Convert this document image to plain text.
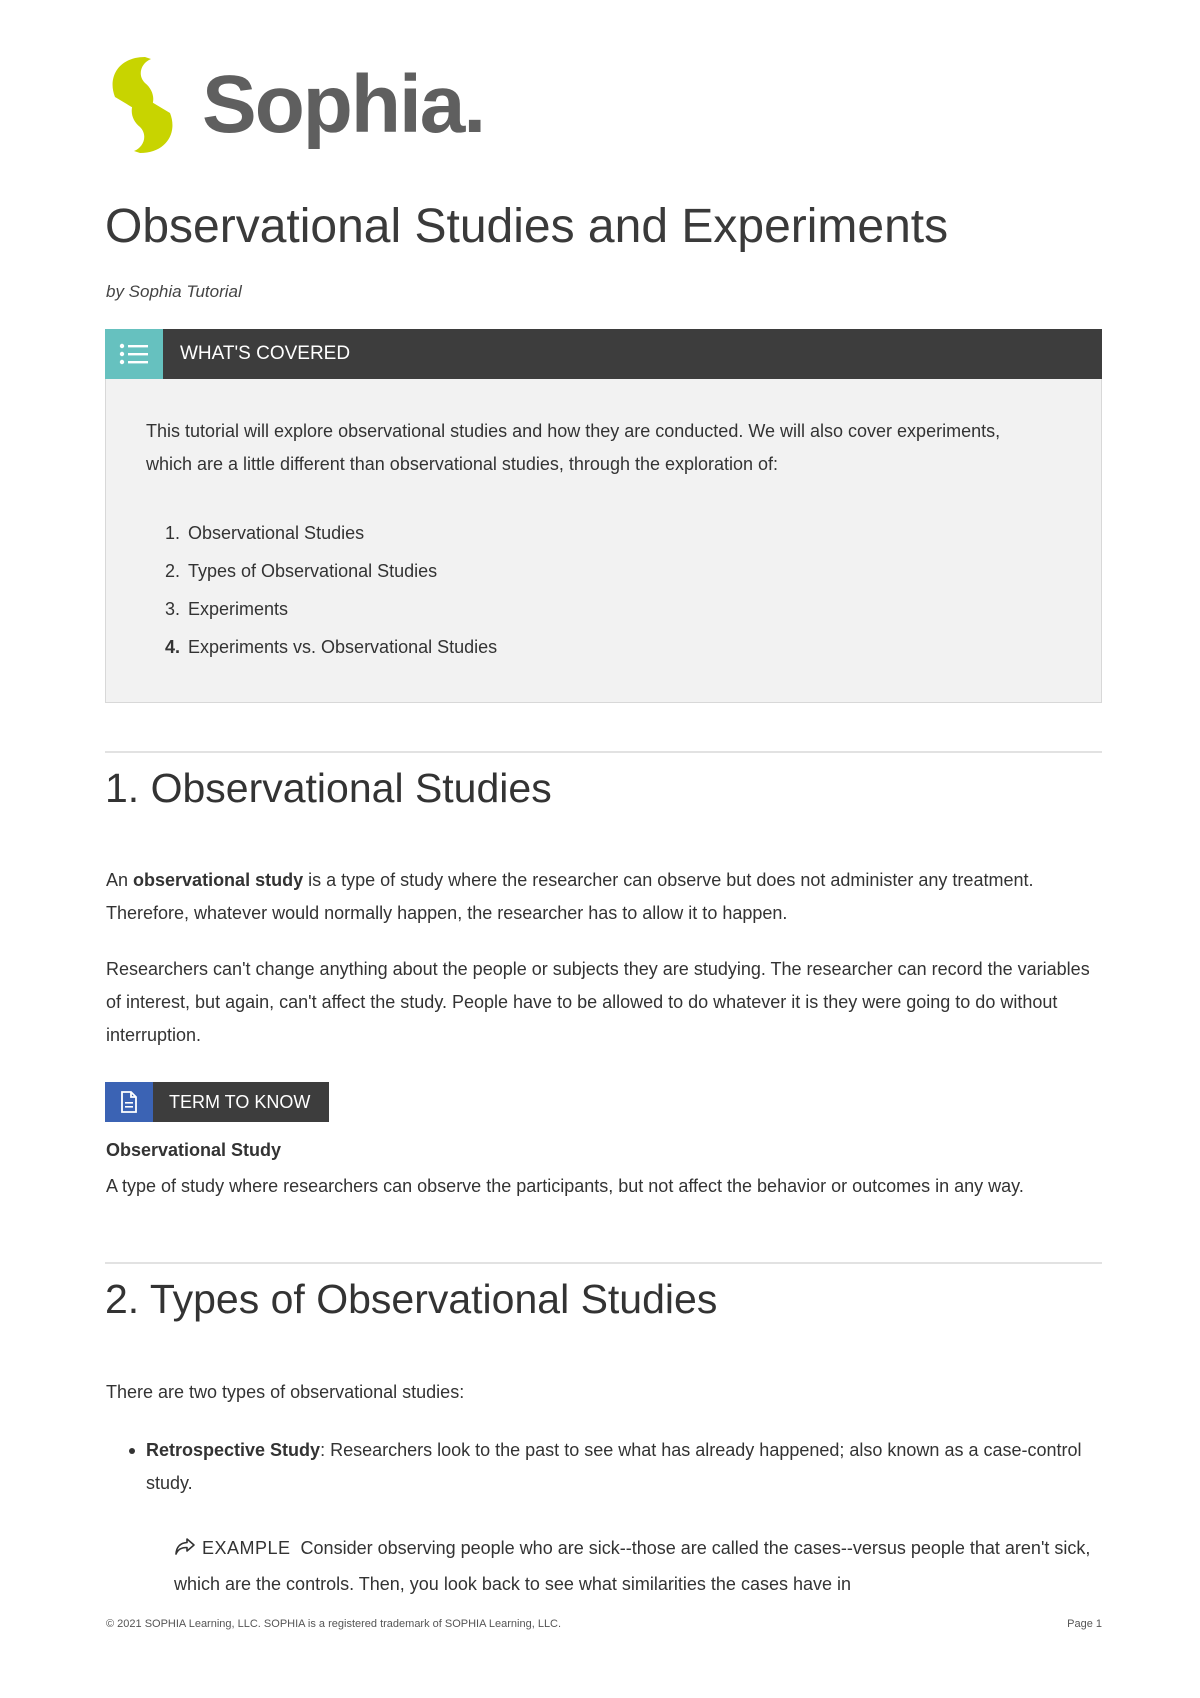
Sophia .
Observational Studies and Experiments

by Sophia Tutorial

WHAT'S COVERED

This tutorial will explore observational studies and how they are conducted. We will also cover experiments, which are a little different than observational studies, through the exploration of:

1. Observational Studies
2. Types of Observational Studies
3. Experiments
4. Experiments vs. Observational Studies
1. Observational Studies

An observational study is a type of study where the researcher can observe but does not administer any treatment. Therefore, whatever would normally happen, the researcher has to allow it to happen.

Researchers can't change anything about the people or subjects they are studying. The researcher can record the variables of interest, but again, can't affect the study. People have to be allowed to do whatever it is they were going to do without interruption.

TERM TO KNOW

Observational Study

A type of study where researchers can observe the participants, but not affect the behavior or outcomes in any way.

2. Types of Observational Studies

There are two types of observational studies:

Retrospective Study: Researchers look to the past to see what has already happened; also known as a case-control study.

EXAMPLE Consider observing people who are sick--those are called the cases--versus people that aren't sick, which are the controls. Then, you look back to see what similarities the cases have in

© 2021 SOPHIA Learning, LLC. SOPHIA is a registered trademark of SOPHIA Learning, LLC.	Page 1
